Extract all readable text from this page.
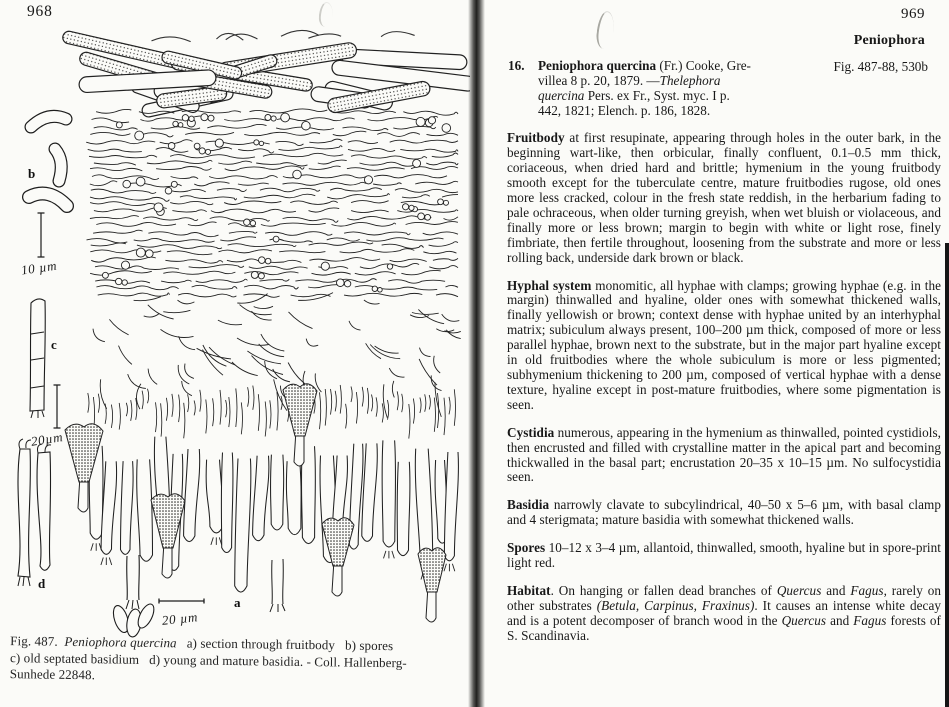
968
b
10 µm
c
20µm
d
20 µm
a
Fig. 487.  Peniophora quercina   a) section through fruitbody   b) spores
c) old septated basidium   d) young and mature basidia. - Coll. Hallenberg-
Sunhede 22848.
969
Peniophora
16. Peniophora quercina (Fr.) Cooke, Gre-
villea 8 p. 20, 1879. —Thelephora
quercina Pers. ex Fr., Syst. myc. I p.
442, 1821; Elench. p. 186, 1828.
Fig. 487-88, 530b
Fruitbody at first resupinate, appearing through holes in the outer bark, in the beginning wart-like, then orbicular, finally confluent, 0.1–0.5 mm thick, coriaceous, when dried hard and brittle; hymenium in the young fruitbody smooth except for the tuberculate centre, mature fruitbodies rugose, old ones more less cracked, colour in the fresh state reddish, in the herbarium fading to pale ochraceous, when older turning greyish, when wet bluish or violaceous, and finally more or less brown; margin to begin with white or light rose, finely fimbriate, then fertile throughout, loosening from the substrate and more or less rolling back, underside dark brown or black.
Hyphal system monomitic, all hyphae with clamps; growing hyphae (e.g. in the margin) thinwalled and hyaline, older ones with somewhat thickened walls, finally yellowish or brown; context dense with hyphae united by an interhyphal matrix; subiculum always present, 100–200 µm thick, composed of more or less parallel hyphae, brown next to the substrate, but in the major part hyaline except in old fruitbodies where the whole subiculum is more or less pigmented; subhymenium thickening to 200 µm, composed of vertical hyphae with a dense texture, hyaline except in post-mature fruitbodies, where some pigmentation is seen.
Cystidia numerous, appearing in the hymenium as thinwalled, pointed cystidiols, then encrusted and filled with crystalline matter in the apical part and becoming thickwalled in the basal part; encrustation 20–35 x 10–15 µm. No sulfocystidia seen.
Basidia narrowly clavate to subcylindrical, 40–50 x 5–6 µm, with basal clamp and 4 sterigmata; mature basidia with somewhat thickened walls.
Spores 10–12 x 3–4 µm, allantoid, thinwalled, smooth, hyaline but in spore-print light red.
Habitat. On hanging or fallen dead branches of Quercus and Fagus, rarely on other substrates (Betula, Carpinus, Fraxinus). It causes an intense white decay and is a potent decomposer of branch wood in the Quercus and Fagus forests of S. Scandinavia.
